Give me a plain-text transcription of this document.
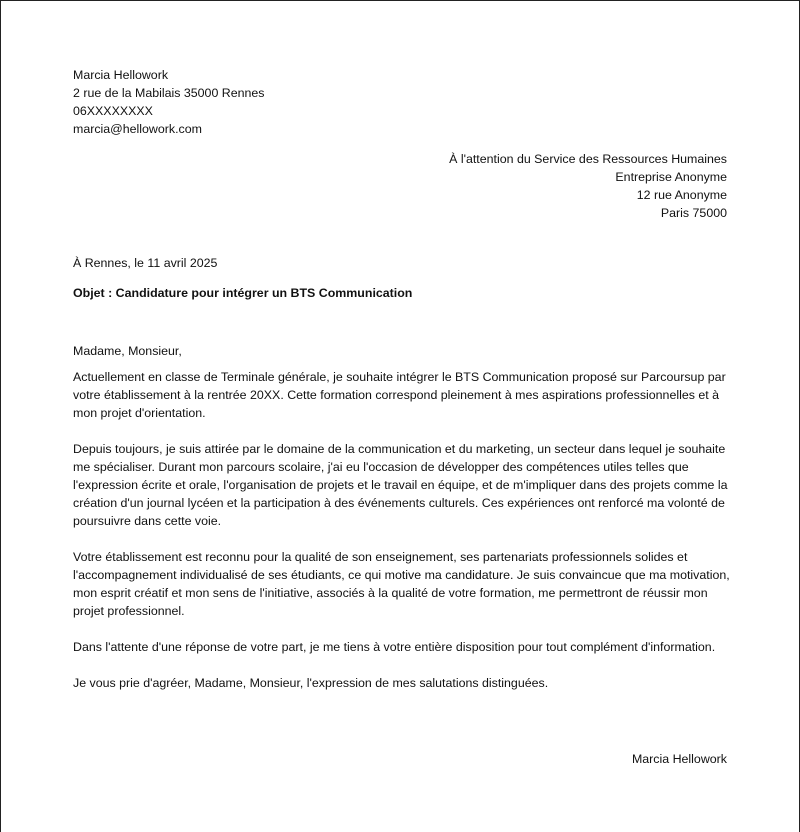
Marcia Hellowork
2 rue de la Mabilais 35000 Rennes
06XXXXXXXX
marcia@hellowork.com
À l'attention du Service des Ressources Humaines
Entreprise Anonyme
12 rue Anonyme
Paris 75000
À Rennes, le 11 avril 2025
Objet : Candidature pour intégrer un BTS Communication

Madame, Monsieur,

Actuellement en classe de Terminale générale, je souhaite intégrer le BTS Communication proposé sur Parcoursup par votre établissement à la rentrée 20XX. Cette formation correspond pleinement à mes aspirations professionnelles et à mon projet d'orientation.

Depuis toujours, je suis attirée par le domaine de la communication et du marketing, un secteur dans lequel je souhaite me spécialiser. Durant mon parcours scolaire, j'ai eu l'occasion de développer des compétences utiles telles que l'expression écrite et orale, l'organisation de projets et le travail en équipe, et de m'impliquer dans des projets comme la création d'un journal lycéen et la participation à des événements culturels. Ces expériences ont renforcé ma volonté de poursuivre dans cette voie.

Votre établissement est reconnu pour la qualité de son enseignement, ses partenariats professionnels solides et l'accompagnement individualisé de ses étudiants, ce qui motive ma candidature. Je suis convaincue que ma motivation, mon esprit créatif et mon sens de l'initiative, associés à la qualité de votre formation, me permettront de réussir mon projet professionnel.

Dans l'attente d'une réponse de votre part, je me tiens à votre entière disposition pour tout complément d'information.

Je vous prie d'agréer, Madame, Monsieur, l'expression de mes salutations distinguées.

Marcia Hellowork
